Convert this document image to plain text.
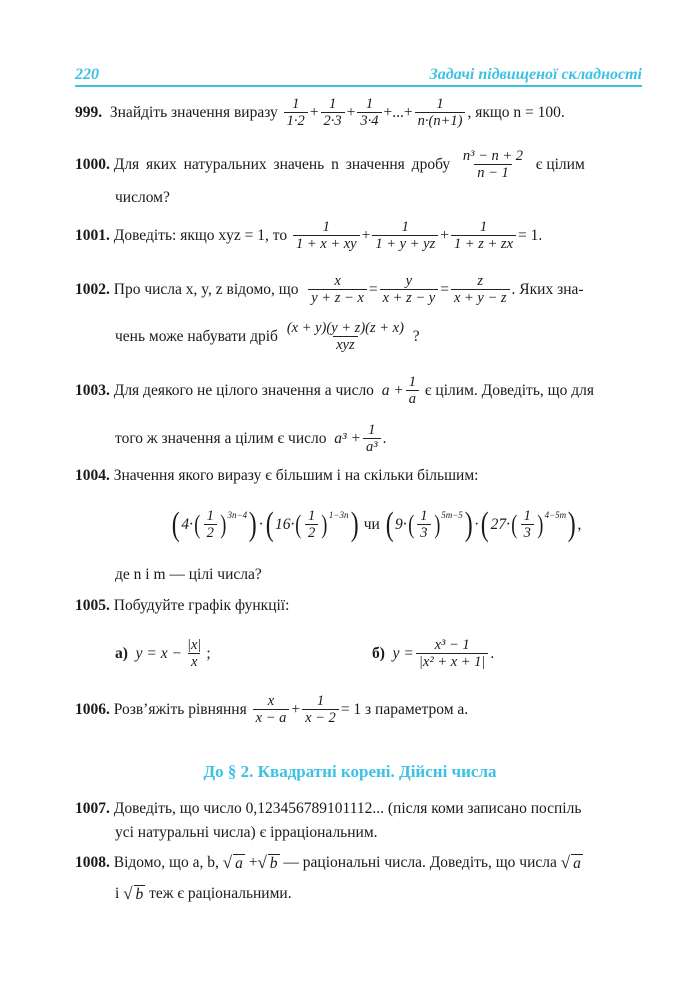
220	Задачі підвищеної складності
999.
Знайдіть значення виразу
$\frac{1}{1\cdot 2} + \frac{1}{2\cdot 3} + \frac{1}{3\cdot 4}$ +...+ $\frac{1}{n\cdot(n+1)}$ , якщо n = 100.
1000.
Для яких натуральних значень n значення дробу
$\frac{\text{n³ − n + 2}}{n - 1}$
є цілим
числом?
1001.
Доведіть: якщо xyz = 1, то
$\frac{1}{1 + x + xy} + \frac{1}{1 + y + yz} + \frac{1}{1 + z + zx} = 1$.
1002.
Про числа x, y, z відомо, що
$\frac{x}{y + z - x} = \frac{y}{x + z - y} = \frac{z}{x + y - z}$ . Яких зна-
чень може набувати дріб
$\frac{(x + y)(y + z)(z + x)}{\text{xyz}}$
?
1003.
Для деякого не цілого значення a число
$a + \frac{1}{a}$
є цілим. Доведіть, що для
того ж значення a цілим є число
$a^3 + \frac{1}{\text{a³}}$ .
1004.
Значення якого виразу є більшим і на скільки більшим:
( 4· ( $\frac{1}{2} )^{3n-4}$ ) · ( 16· ( $\frac{1}{2} )^{1-3n}$ )
чи
( 9· ( $\frac{1}{3} )^{5m-5}$ ) · ( 27· ( $\frac{1}{3} )^{4-5m}$ ) ,
де n і m — цілі числа?
1005.
Побудуйте графік функції:
а)
$y = x - \frac{|x|}{x}$ ;	б)
$y = \frac{\text{x³ − 1}}{\text{|x² + x + 1|}}$ .
1006.
Розв’яжіть рівняння
$\frac{x}{x - a} + \frac{1}{x - 2} = 1$ з параметром a.
До § 2. Квадратні корені. Дійсні числа
1007. Доведіть, що число 0,123456789101112... (після коми записано поспіль
усі натуральні числа) є ірраціональним.
1008.
Відомо, що a, b,
√ a + √ b
— раціональні числа. Доведіть, що числа
√ a
і
√ b
теж є раціональними.
